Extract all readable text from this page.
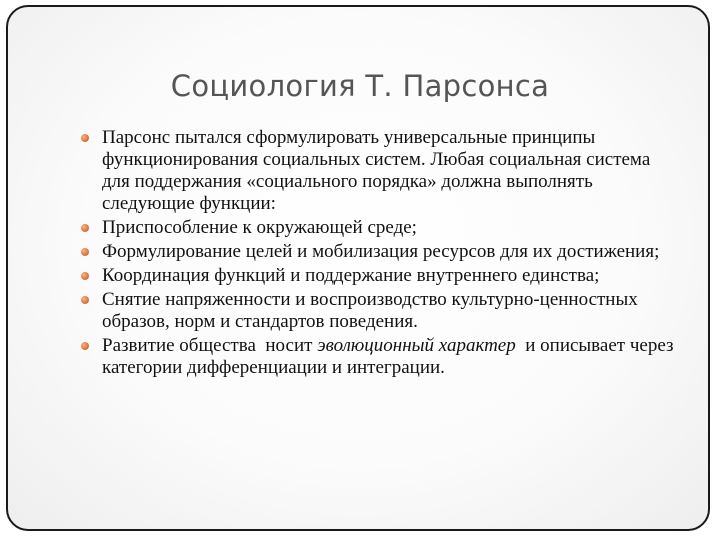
Социология Т. Парсонса
Парсонс пытался сформулировать универсальные принципы функционирования социальных систем. Любая социальная система для поддержания «социального порядка» должна выполнять следующие функции:
Приспособление к окружающей среде;
Формулирование целей и мобилизация ресурсов для их достижения;
Координация функций и поддержание внутреннего единства;
Снятие напряженности и воспроизводство культурно-ценностных образов, норм и стандартов поведения.
Развитие общества  носит эволюционный характер  и описывает через категории дифференциации и интеграции.
